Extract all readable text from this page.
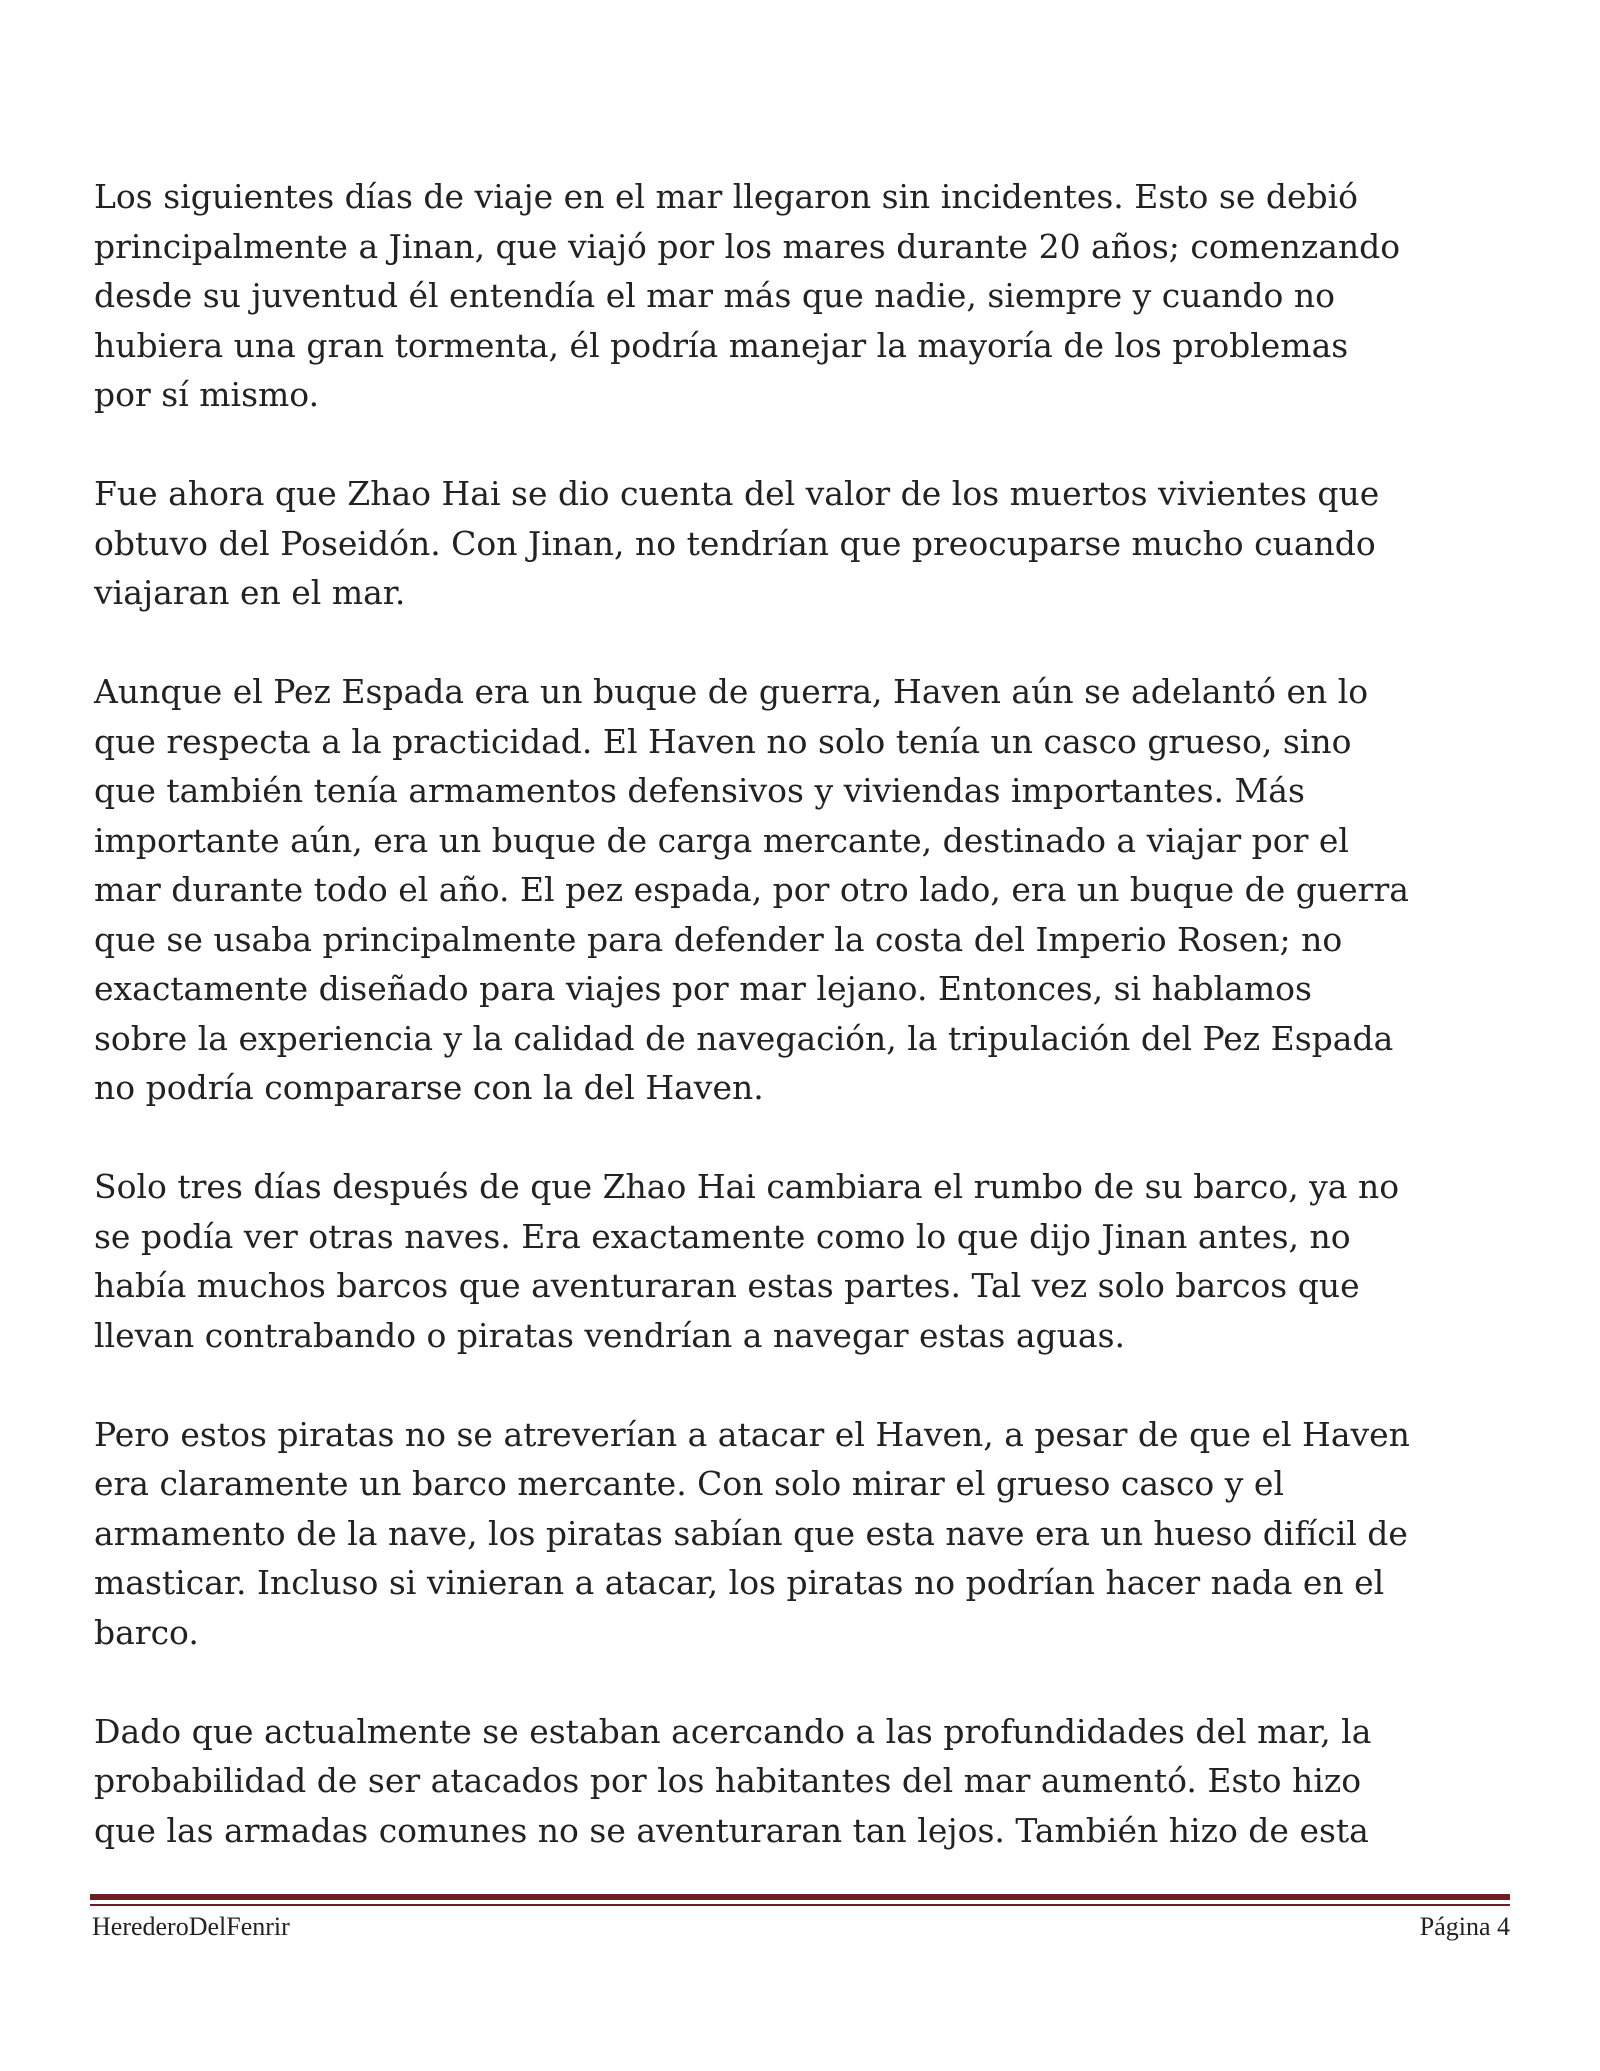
Los siguientes días de viaje en el mar llegaron sin incidentes. Esto se debió
principalmente a Jinan, que viajó por los mares durante 20 años; comenzando
desde su juventud él entendía el mar más que nadie, siempre y cuando no
hubiera una gran tormenta, él podría manejar la mayoría de los problemas
por sí mismo.

Fue ahora que Zhao Hai se dio cuenta del valor de los muertos vivientes que
obtuvo del Poseidón. Con Jinan, no tendrían que preocuparse mucho cuando
viajaran en el mar.

Aunque el Pez Espada era un buque de guerra, Haven aún se adelantó en lo
que respecta a la practicidad. El Haven no solo tenía un casco grueso, sino
que también tenía armamentos defensivos y viviendas importantes. Más
importante aún, era un buque de carga mercante, destinado a viajar por el
mar durante todo el año. El pez espada, por otro lado, era un buque de guerra
que se usaba principalmente para defender la costa del Imperio Rosen; no
exactamente diseñado para viajes por mar lejano. Entonces, si hablamos
sobre la experiencia y la calidad de navegación, la tripulación del Pez Espada
no podría compararse con la del Haven.

Solo tres días después de que Zhao Hai cambiara el rumbo de su barco, ya no
se podía ver otras naves. Era exactamente como lo que dijo Jinan antes, no
había muchos barcos que aventuraran estas partes. Tal vez solo barcos que
llevan contrabando o piratas vendrían a navegar estas aguas.

Pero estos piratas no se atreverían a atacar el Haven, a pesar de que el Haven
era claramente un barco mercante. Con solo mirar el grueso casco y el
armamento de la nave, los piratas sabían que esta nave era un hueso difícil de
masticar. Incluso si vinieran a atacar, los piratas no podrían hacer nada en el
barco.

Dado que actualmente se estaban acercando a las profundidades del mar, la
probabilidad de ser atacados por los habitantes del mar aumentó. Esto hizo
que las armadas comunes no se aventuraran tan lejos. También hizo de esta

HerederoDelFenrir	Página 4
